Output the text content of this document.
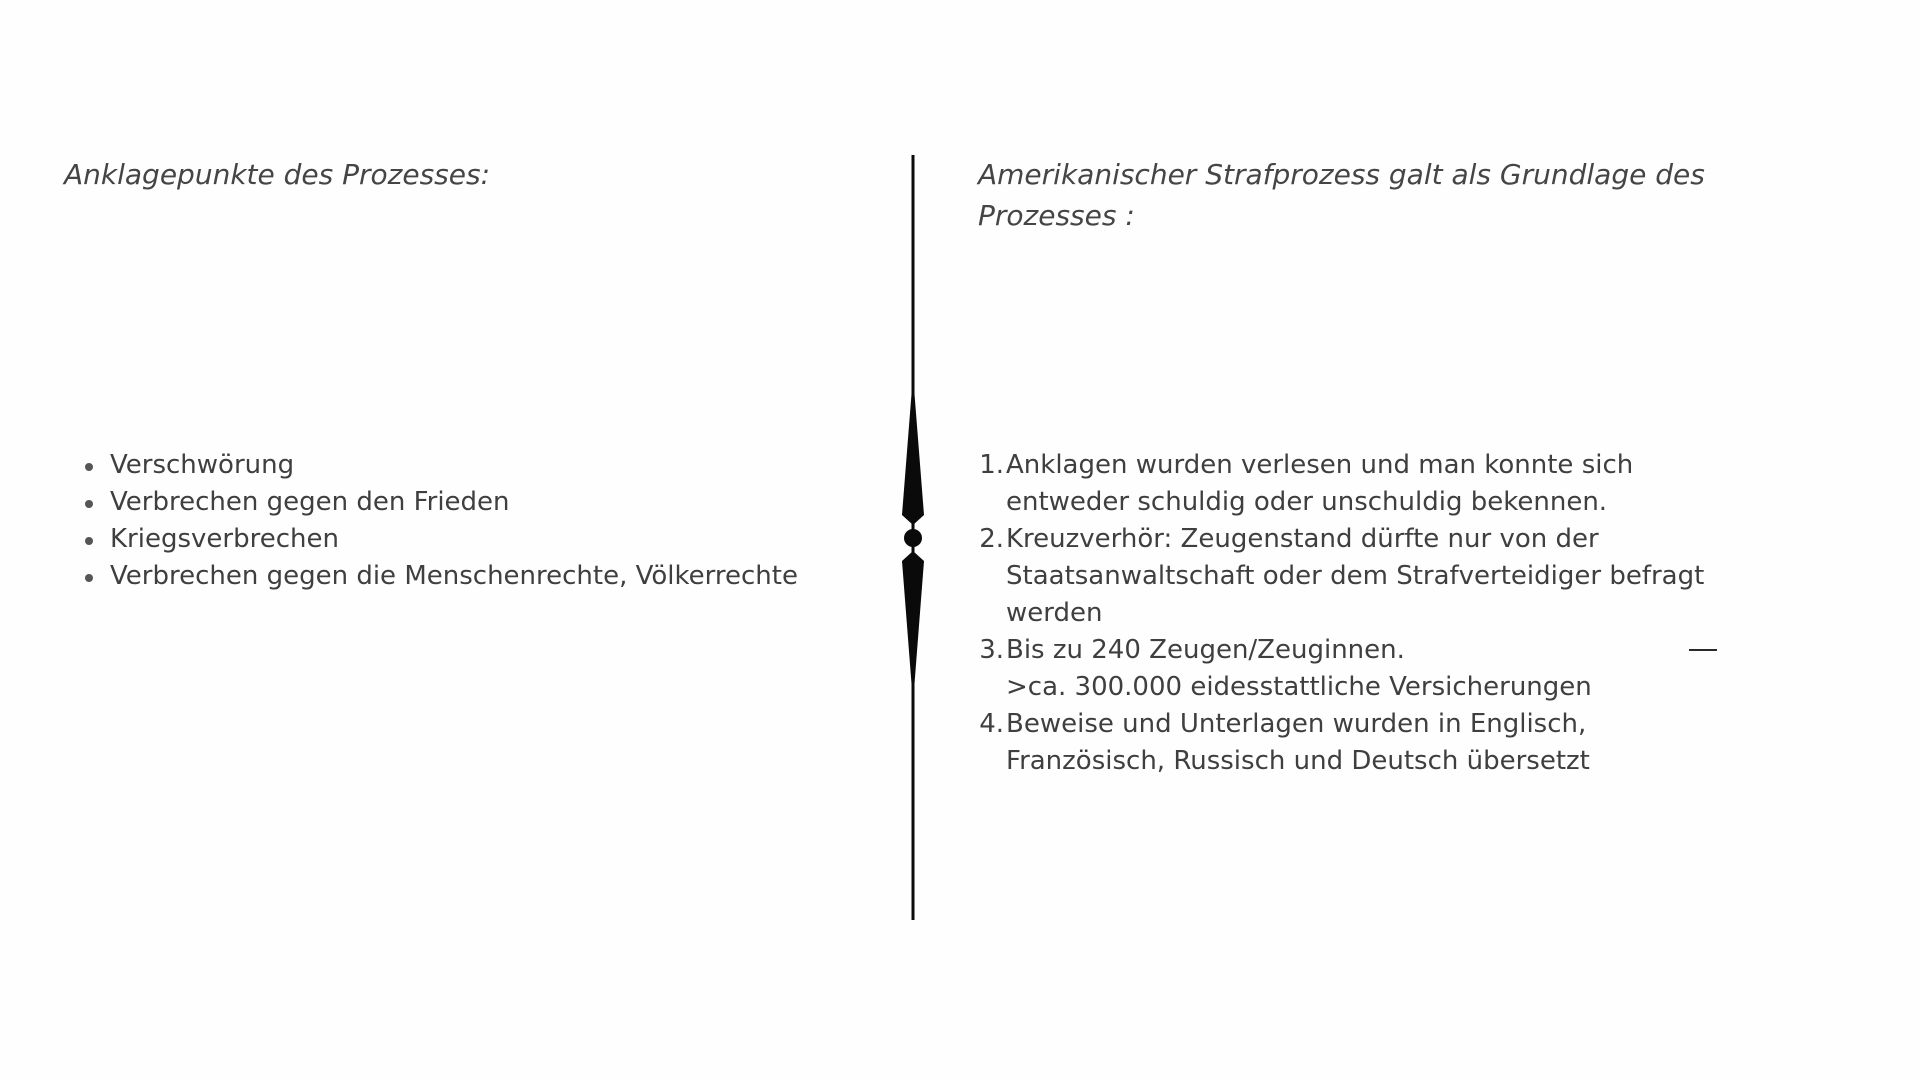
Anklagepunkte des Prozesses:
Verschwörung
Verbrechen gegen den Frieden
Kriegsverbrechen
Verbrechen gegen die Menschenrechte, Völkerrechte
Amerikanischer Strafprozess galt als Grundlage des Prozesses :
1. Anklagen wurden verlesen und man konnte sich
entweder schuldig oder unschuldig bekennen.
2. Kreuzverhör: Zeugenstand dürfte nur von der
Staatsanwaltschaft oder dem Strafverteidiger befragt
werden
3. Bis zu 240 Zeugen/Zeuginnen.
>ca. 300.000 eidesstattliche Versicherungen
4. Beweise und Unterlagen wurden in Englisch,
Französisch, Russisch und Deutsch übersetzt
